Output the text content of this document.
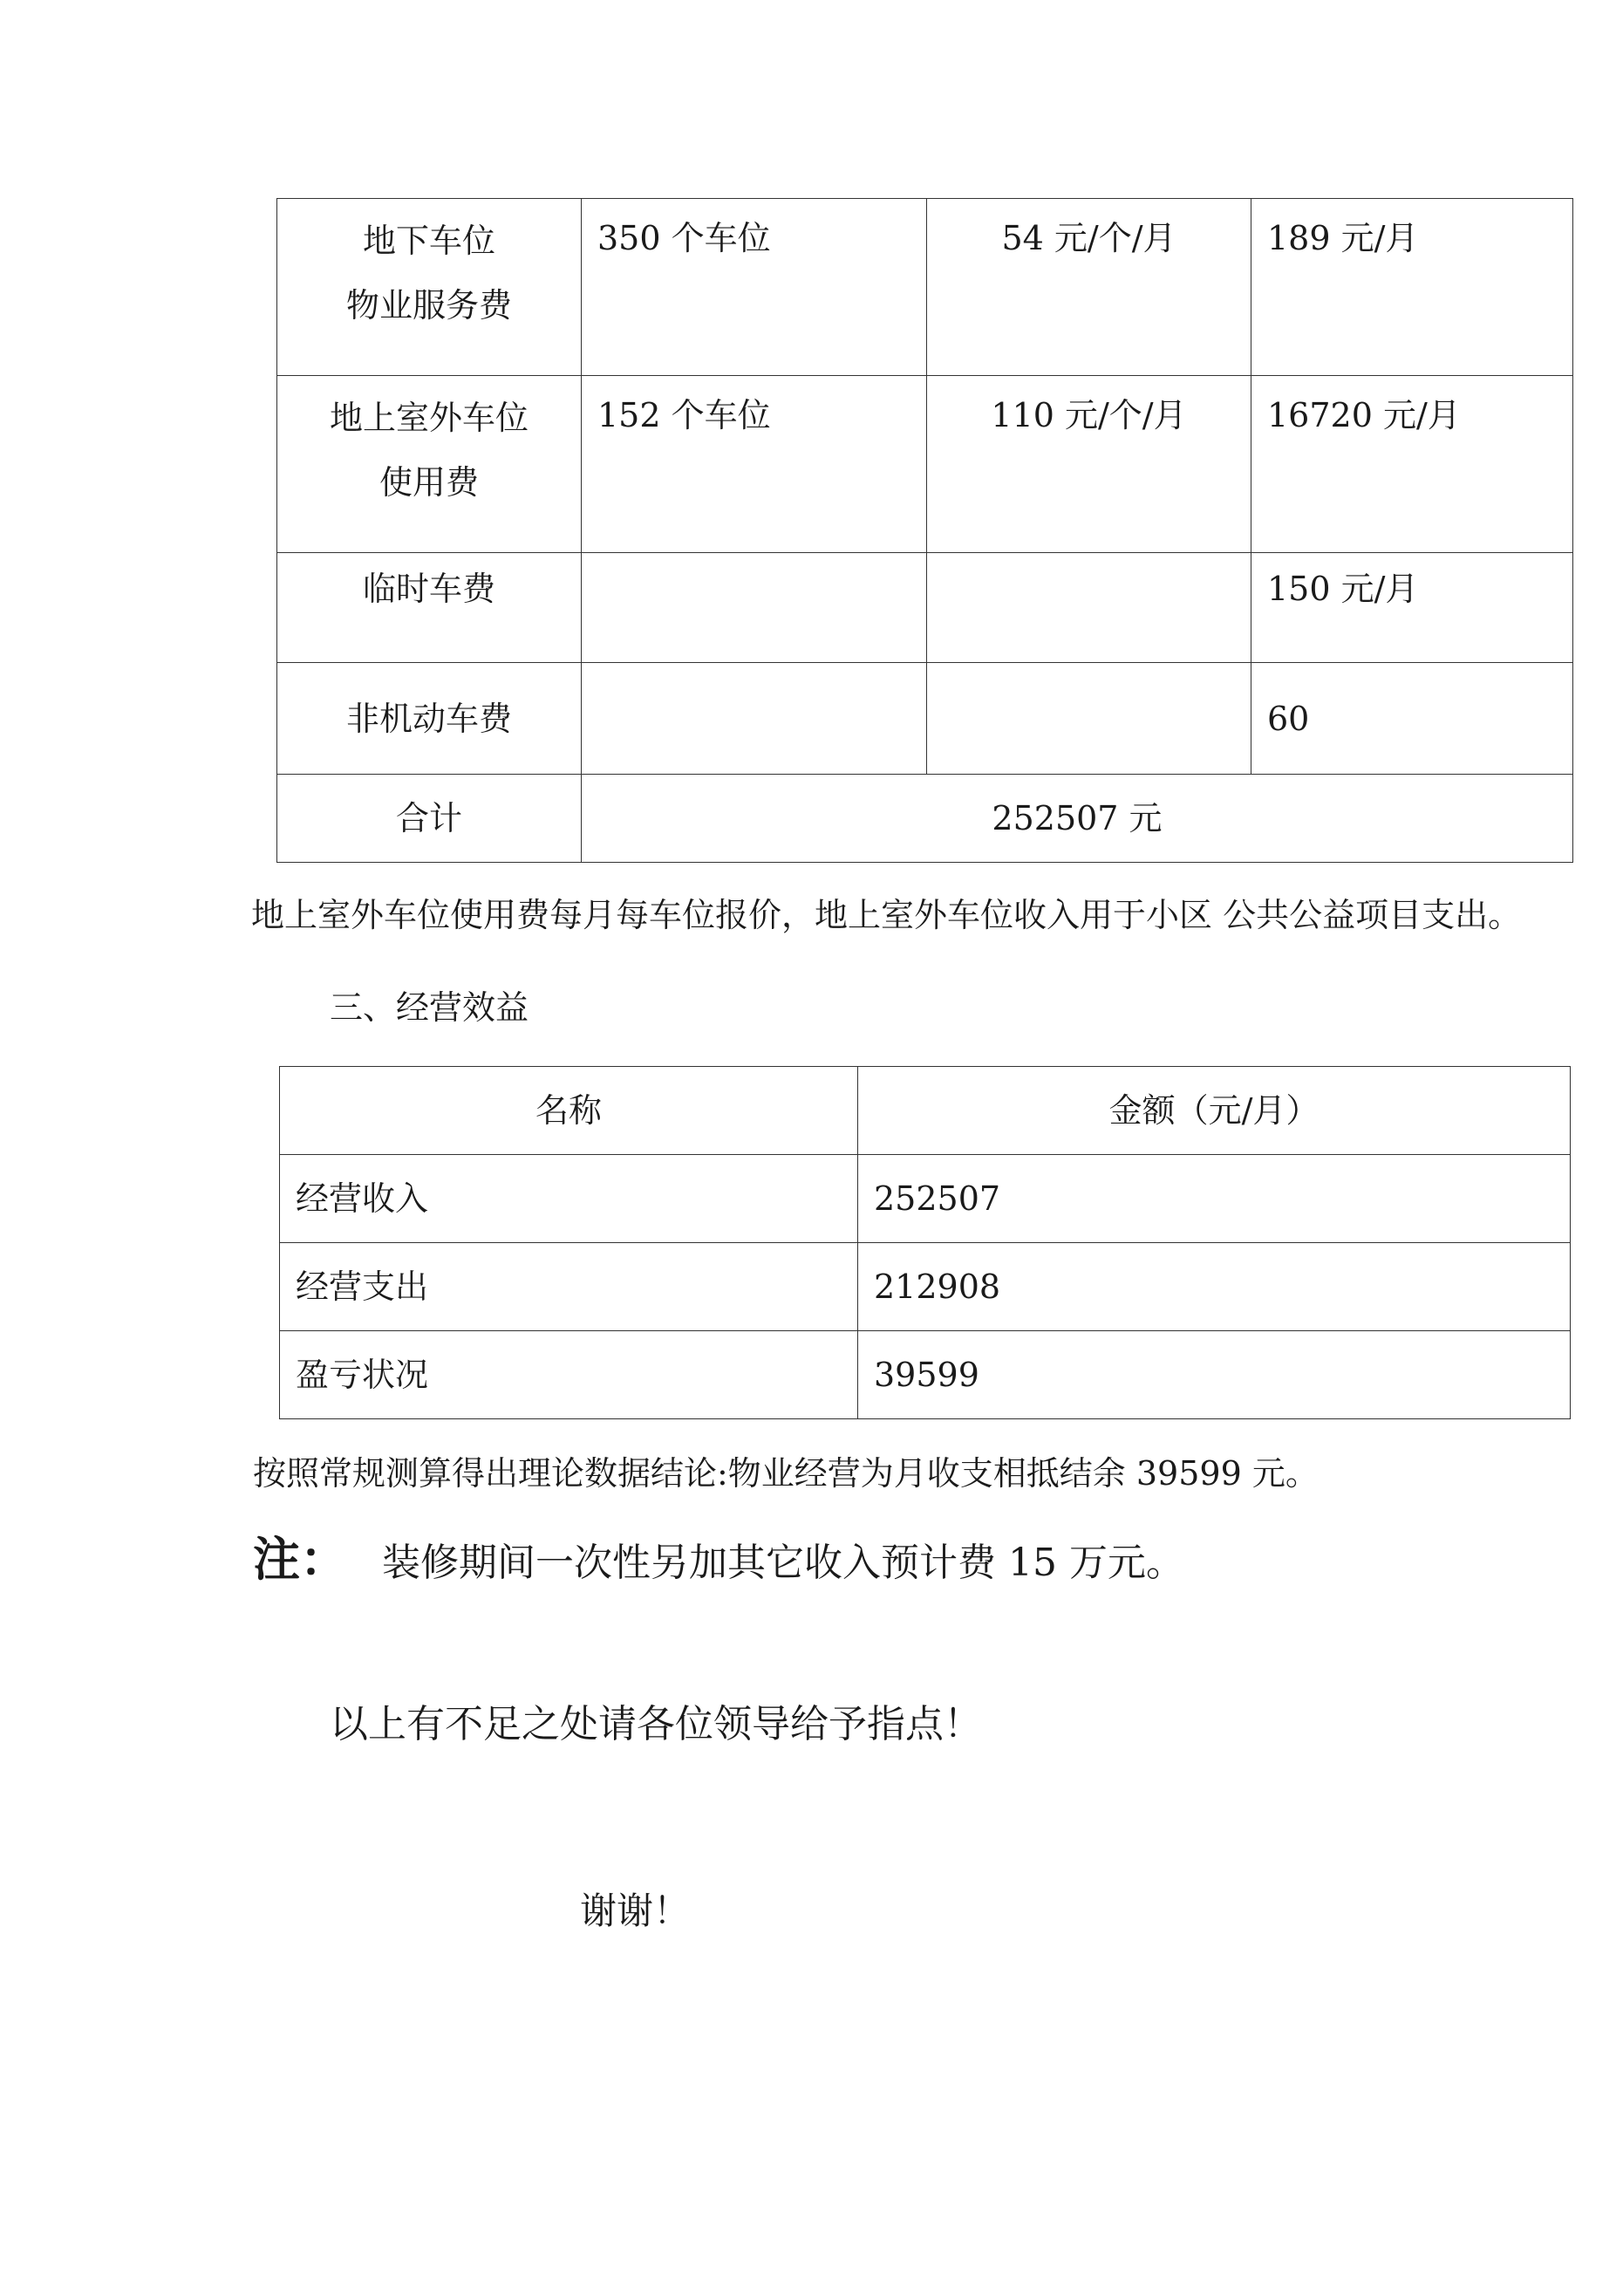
地下车位
物业服务费	350 个车位	54 元/个/月	189 元/月

地上室外车位
使用费	152 个车位	110 元/个/月	16720 元/月
临时车费			150 元/月
非机动车费			60
合计	252507 元		

地上室外车位使用费每月每车位报价，地上室外车位收入用于小区 公共公益项目支出。

三、经营效益

名称	金额（元/月）
经营收入	252507
经营支出	212908
盈亏状况	39599

按照常规测算得出理论数据结论:物业经营为月收支相抵结余 39599 元。

注： 装修期间一次性另加其它收入预计费 15 万元。

以上有不足之处请各位领导给予指点！

谢谢！
